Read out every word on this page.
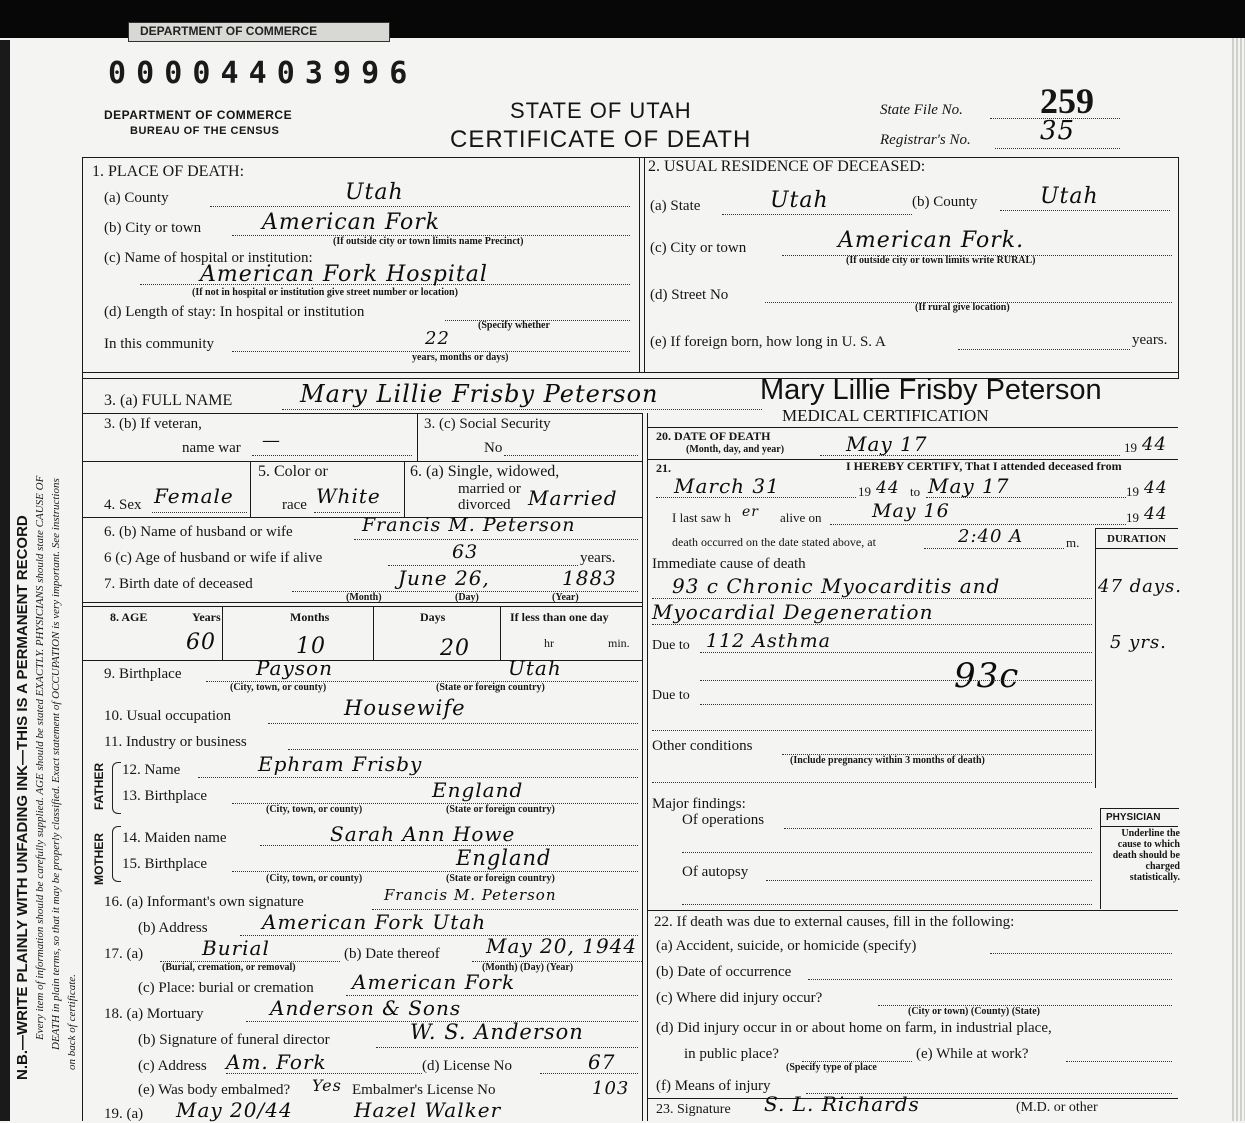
DEPARTMENT OF COMMERCE
N.B.—WRITE PLAINLY WITH UNFADING INK—THIS IS A PERMANENT RECORD Every item of information should be carefully supplied. AGE should be stated EXACTLY. PHYSICIANS should state CAUSE OF DEATH in plain terms, so that it may be properly classified. Exact statement of OCCUPATION is very important. See instructions on back of certificate.
0 0 0 0 4 4 0 3 9 9 6
DEPARTMENT OF COMMERCE
BUREAU OF THE CENSUS
STATE OF UTAH
CERTIFICATE OF DEATH
State File No. 259
Registrar's No.	35
1. PLACE OF DEATH:
(a) County	Utah
(b) City or town	American Fork
(If outside city or town limits name Precinct)
(c) Name of hospital or institution:
American Fork Hospital
(If not in hospital or institution give street number or location)
(d) Length of stay: In hospital or institution
(Specify whether
In this community	22
years, months or days)
2. USUAL RESIDENCE OF DECEASED:
(a) State	Utah	(b) County	Utah
(c) City or town	American Fork.
(If outside city or town limits write RURAL)
(d) Street No
(If rural give location)
(e) If foreign born, how long in U. S. A	years.
3. (a) FULL NAME	Mary Lillie Frisby Peterson	Mary Lillie Frisby Peterson
3. (b) If veteran,
name war —
3. (c) Social Security
No
4. Sex Female
5. Color or
race White
6. (a) Single, widowed,
married or
divorced Married
6. (b) Name of husband or wife	Francis M. Peterson
6 (c) Age of husband or wife if alive	63	years.
7. Birth date of deceased	June 26,	1883
(Month)	(Day)	(Year)
8. AGE	Years	Months	Days	If less than one day
60	10	20	hr	min.
9. Birthplace	Payson	Utah
(City, town, or county)	(State or foreign country)
10. Usual occupation	Housewife
11. Industry or business
MOTHER
FATHER 12. Name	Ephram Frisby
13. Birthplace	England
(City, town, or county)	(State or foreign country)
14. Maiden name	Sarah Ann Howe
15. Birthplace	England
(City, town, or county)	(State or foreign country)
16. (a) Informant's own signature	Francis M. Peterson
(b) Address	American Fork Utah
17. (a)	Burial
(Burial, cremation, or removal)
(b) Date thereof May 20, 1944
(Month) (Day) (Year)
(c) Place: burial or cremation American Fork
18. (a) Mortuary	Anderson & Sons
(b) Signature of funeral director	W. S. Anderson
(c) Address Am. Fork	(d) License No	67
(e) Was body embalmed? Yes Embalmer's License No	103
19. (a) May 20/44	Hazel Walker
MEDICAL CERTIFICATION
20. DATE OF DEATH
(Month, day, and year)	May 17	19 44
21.	I HEREBY CERTIFY, That I attended deceased from
March 31	19 44 to May 17	19 44
I last saw h er alive on	May 16	19 44
death occurred on the date stated above, at	2:40 A	m.	DURATION
Immediate cause of death
93 c Chronic Myocarditis and	47 days.
Myocardial Degeneration
Due to 112 Asthma	5 yrs.
93c
Due to
Other conditions
(Include pregnancy within 3 months of death)
Major findings:
Of operations
Of autopsy
PHYSICIAN
Underline the cause to which death should be charged statistically.
22. If death was due to external causes, fill in the following:
(a) Accident, suicide, or homicide (specify)
(b) Date of occurrence
(c) Where did injury occur?
(City or town) (County) (State)
(d) Did injury occur in or about home on farm, in industrial place,
in public place?
(Specify type of place
(e) While at work?
(f) Means of injury
23. Signature S. L. Richards	(M.D. or other
